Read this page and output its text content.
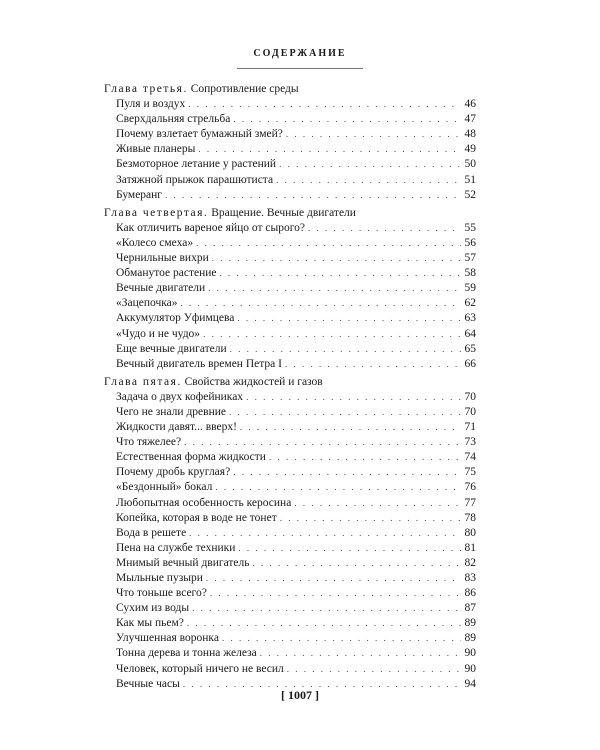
СОДЕРЖАНИЕ
Глава третья. Сопротивление среды
Пуля и воздух . . .	46
Сверхдальняя стрельба . . .	47
Почему взлетает бумажный змей? . . .	48
Живые планеры . . .	49
Безмоторное летание у растений . . .	50
Затяжной прыжок парашютиста . . .	51
Бумеранг . . .	52
Глава четвертая. Вращение. Вечные двигатели
Как отличить вареное яйцо от сырого? . . .	55
«Колесо смеха» . . .	56
Чернильные вихри . . .	57
Обманутое растение . . .	58
Вечные двигатели . . .	59
«Зацепочка» . . .	62
Аккумулятор Уфимцева . . .	63
«Чудо и не чудо» . . .	64
Еще вечные двигатели . . .	65
Вечный двигатель времен Петра I . . .	66
Глава пятая. Свойства жидкостей и газов
Задача о двух кофейниках . . .	70
Чего не знали древние . . .	70
Жидкости давят... вверх! . . .	71
Что тяжелее? . . .	73
Естественная форма жидкости . . .	74
Почему дробь круглая? . . .	75
«Бездонный» бокал . . .	76
Любопытная особенность керосина . . .	77
Копейка, которая в воде не тонет . . .	78
Вода в решете . . .	80
Пена на службе техники . . .	81
Мнимый вечный двигатель . . .	82
Мыльные пузыри . . .	83
Что тоньше всего? . . .	86
Сухим из воды . . .	87
Как мы пьем? . . .	89
Улучшенная воронка . . .	89
Тонна дерева и тонна железа . . .	90
Человек, который ничего не весил . . .	90
Вечные часы . . .	94
[ 1007 ]
